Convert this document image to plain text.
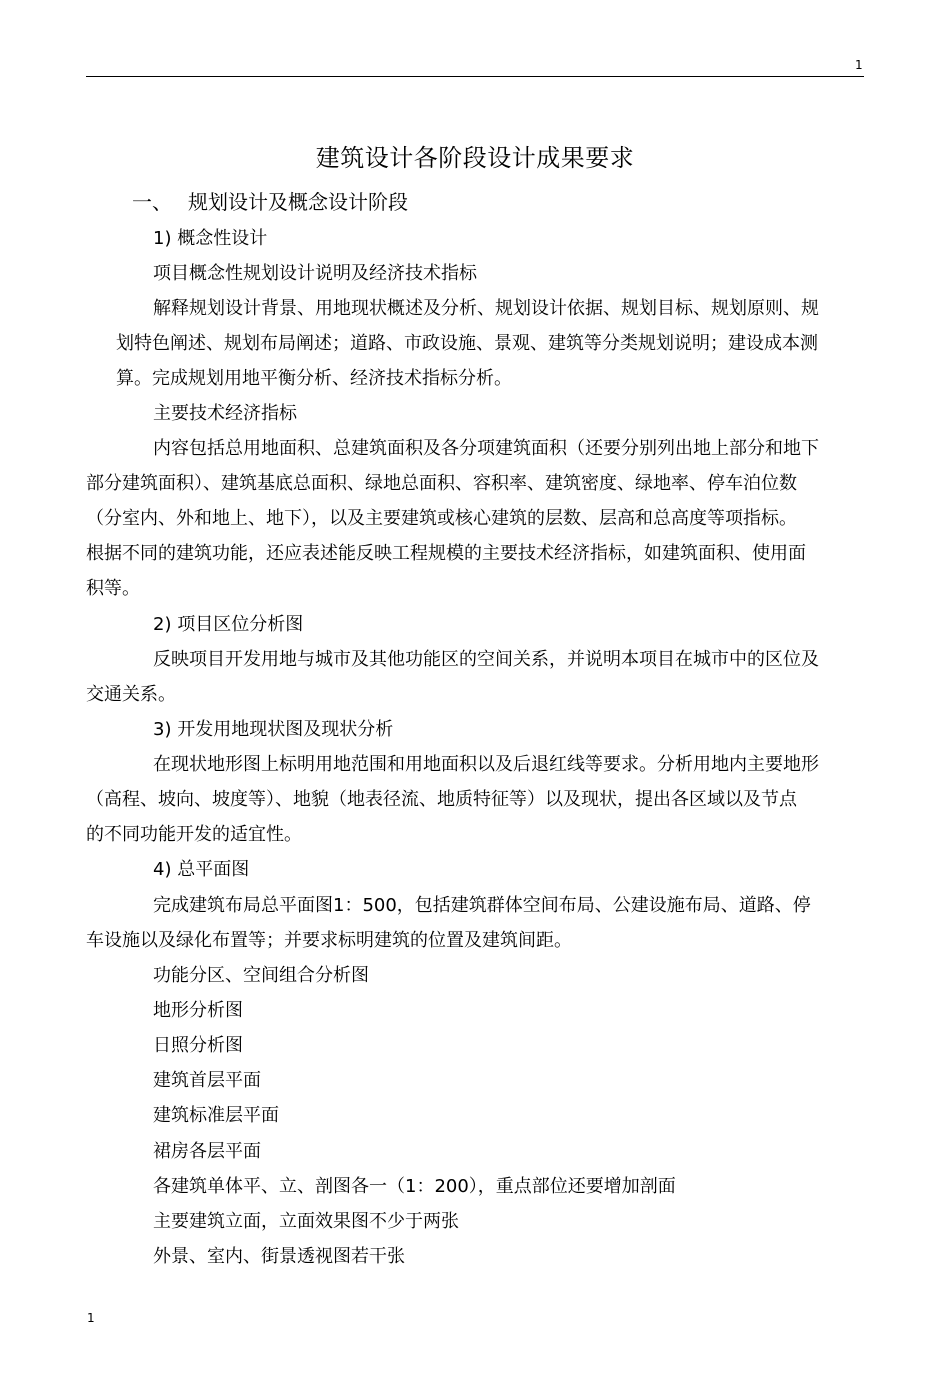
1
建筑设计各阶段设计成果要求
一、 规划设计及概念设计阶段
1) 概念性设计
项目概念性规划设计说明及经济技术指标
解释规划设计背景、用地现状概述及分析、规划设计依据、规划目标、规划原则、规
划特色阐述、规划布局阐述；道路、市政设施、景观、建筑等分类规划说明；建设成本测
算。完成规划用地平衡分析、经济技术指标分析。
主要技术经济指标
内容包括总用地面积、总建筑面积及各分项建筑面积（还要分别列出地上部分和地下
部分建筑面积）、建筑基底总面积、绿地总面积、容积率、建筑密度、绿地率、停车泊位数
（分室内、外和地上、地下），以及主要建筑或核心建筑的层数、层高和总高度等项指标。
根据不同的建筑功能，还应表述能反映工程规模的主要技术经济指标，如建筑面积、使用面
积等。
2) 项目区位分析图
反映项目开发用地与城市及其他功能区的空间关系，并说明本项目在城市中的区位及
交通关系。
3) 开发用地现状图及现状分析
在现状地形图上标明用地范围和用地面积以及后退红线等要求。分析用地内主要地形
（高程、坡向、坡度等）、地貌（地表径流、地质特征等）以及现状，提出各区域以及节点
的不同功能开发的适宜性。
4) 总平面图
完成建筑布局总平面图1：500，包括建筑群体空间布局、公建设施布局、道路、停
车设施以及绿化布置等；并要求标明建筑的位置及建筑间距。
功能分区、空间组合分析图
地形分析图
日照分析图
建筑首层平面
建筑标准层平面
裙房各层平面
各建筑单体平、立、剖图各一（1：200），重点部位还要增加剖面
主要建筑立面，立面效果图不少于两张
外景、室内、街景透视图若干张
1
